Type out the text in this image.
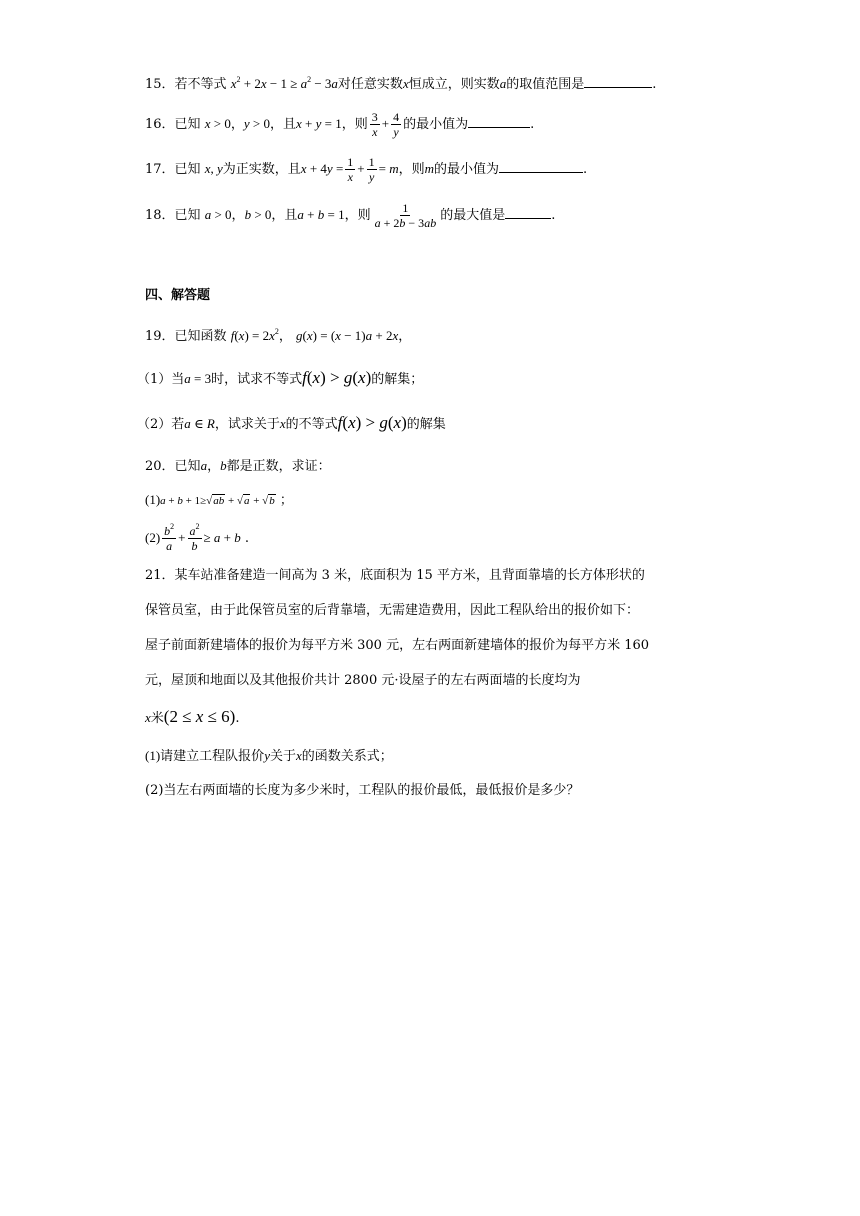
15．若不等式 $x^2 + 2x - 1 \ge a^2 - 3a$对任意实数x恒成立，则实数a的取值范围是	.
16．已知 x > 0，y > 0，且x + y = 1，则 $\frac{3}{x} + \frac{4}{y}$ 的最小值为	.
17．已知 x, y为正实数，且$x + 4y = \frac{1}{x} + \frac{1}{y} = m$，则m的最小值为	.
18．已知 a > 0，b > 0，且a + b = 1，则 $\frac{1}{a + 2b - 3ab}$ 的最大值是	.
四、解答题
19．已知函数 $f(x) = 2x^2$， g(x) = (x − 1)a + 2x，
（1）当a = 3时，试求不等式f(x) > g(x)的解集；
（2）若a ∈ R，试求关于x的不等式f(x) > g(x)的解集
20．已知a，b都是正数，求证：
(1)a + b + 1≥√ab + √a + √b ；
$(2) \frac{b^2}{a} + \frac{a^2}{b} \ge a + b$ .
21．某车站准备建造一间高为 3 米，底面积为 15 平方米，且背面靠墙的长方体形状的
保管员室，由于此保管员室的后背靠墙，无需建造费用，因此工程队给出的报价如下：
屋子前面新建墙体的报价为每平方米 300 元，左右两面新建墙体的报价为每平方米 160
元，屋顶和地面以及其他报价共计 2800 元·设屋子的左右两面墙的长度均为
x米(2 ≤ x ≤ 6).
(1)请建立工程队报价y关于x的函数关系式；
(2)当左右两面墙的长度为多少米时，工程队的报价最低，最低报价是多少？
